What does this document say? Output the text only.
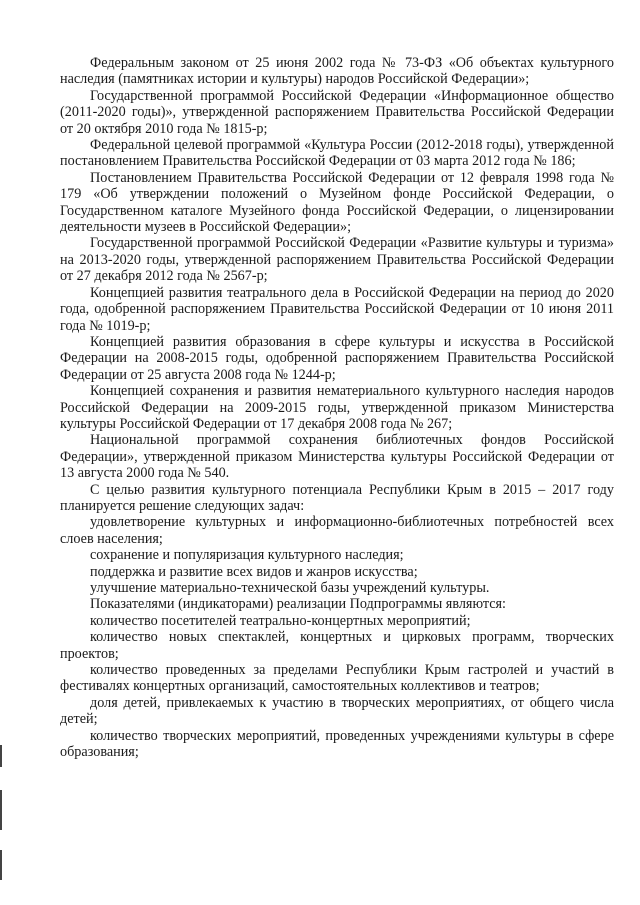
Федеральным законом от 25 июня 2002 года № 73-ФЗ «Об объектах культурного наследия (памятниках истории и культуры) народов Российской Федерации»;

Государственной программой Российской Федерации «Информационное общество (2011-2020 годы)», утвержденной распоряжением Правительства Российской Федерации от 20 октября 2010 года № 1815-р;

Федеральной целевой программой «Культура России (2012-2018 годы), утвержденной постановлением Правительства Российской Федерации от 03 марта 2012 года № 186;

Постановлением Правительства Российской Федерации от 12 февраля 1998 года № 179 «Об утверждении положений о Музейном фонде Российской Федерации, о Государственном каталоге Музейного фонда Российской Федерации, о лицензировании деятельности музеев в Российской Федерации»;

Государственной программой Российской Федерации «Развитие культуры и туризма» на 2013-2020 годы, утвержденной распоряжением Правительства Российской Федерации от 27 декабря 2012 года № 2567-р;

Концепцией развития театрального дела в Российской Федерации на период до 2020 года, одобренной распоряжением Правительства Российской Федерации от 10 июня 2011 года № 1019-р;

Концепцией развития образования в сфере культуры и искусства в Российской Федерации на 2008-2015 годы, одобренной распоряжением Правительства Российской Федерации от 25 августа 2008 года № 1244-р;

Концепцией сохранения и развития нематериального культурного наследия народов Российской Федерации на 2009-2015 годы, утвержденной приказом Министерства культуры Российской Федерации от 17 декабря 2008 года № 267;

Национальной программой сохранения библиотечных фондов Российской Федерации», утвержденной приказом Министерства культуры Российской Федерации от 13 августа 2000 года № 540.

С целью развития культурного потенциала Республики Крым в 2015 – 2017 году планируется решение следующих задач:

удовлетворение культурных и информационно-библиотечных потребностей всех слоев населения;

сохранение и популяризация культурного наследия;

поддержка и развитие всех видов и жанров искусства;

улучшение материально-технической базы учреждений культуры.

Показателями (индикаторами) реализации Подпрограммы являются:

количество посетителей театрально-концертных мероприятий;

количество новых спектаклей, концертных и цирковых программ, творческих проектов;

количество проведенных за пределами Республики Крым гастролей и участий в фестивалях концертных организаций, самостоятельных коллективов и театров;

доля детей, привлекаемых к участию в творческих мероприятиях, от общего числа детей;

количество творческих мероприятий, проведенных учреждениями культуры в сфере образования;
